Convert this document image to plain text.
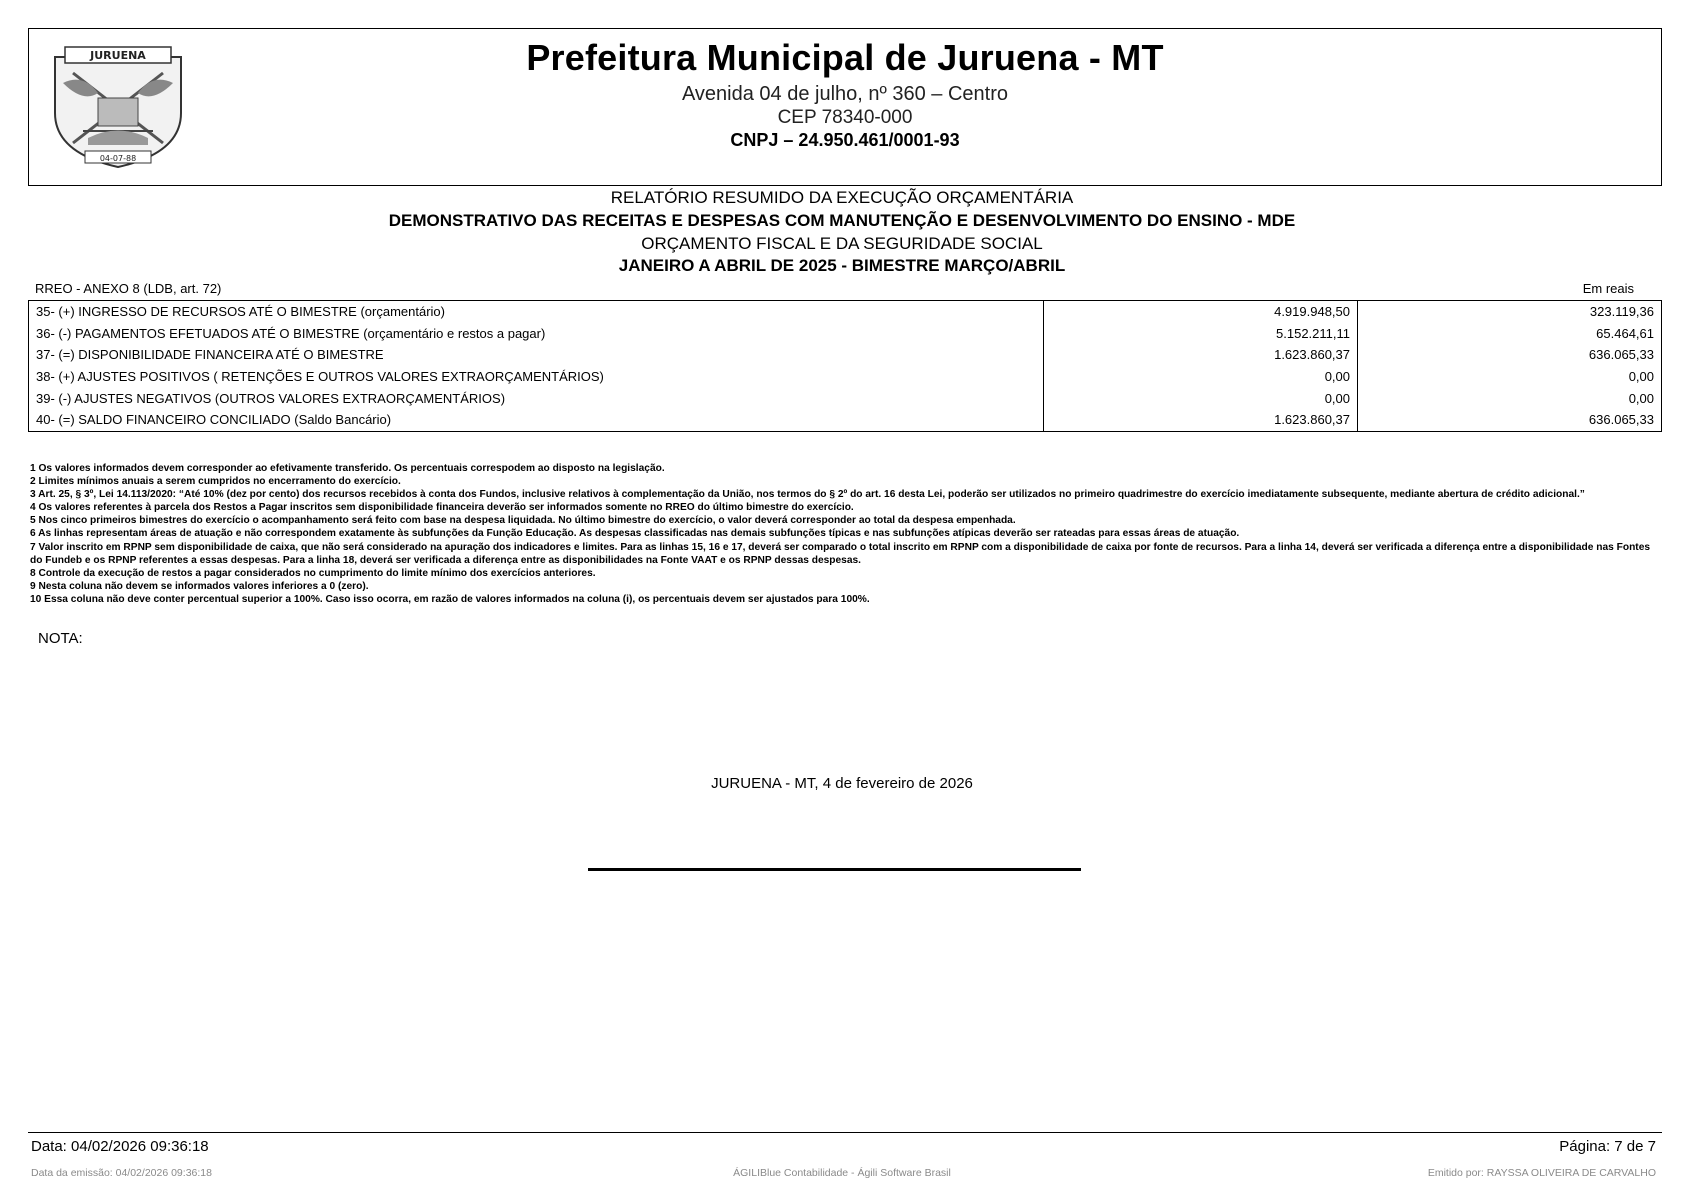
JURUENA
04-07-88
Prefeitura Municipal de Juruena - MT
Avenida 04 de julho, nº 360 – Centro
CEP 78340-000
CNPJ – 24.950.461/0001-93
RELATÓRIO RESUMIDO DA EXECUÇÃO ORÇAMENTÁRIA
DEMONSTRATIVO DAS RECEITAS E DESPESAS COM MANUTENÇÃO E DESENVOLVIMENTO DO ENSINO - MDE
ORÇAMENTO FISCAL E DA SEGURIDADE SOCIAL
JANEIRO A ABRIL DE 2025 - BIMESTRE MARÇO/ABRIL
RREO - ANEXO 8 (LDB, art. 72)	Em reais
35- (+) INGRESSO DE RECURSOS ATÉ O BIMESTRE (orçamentário)	4.919.948,50	323.119,36
36- (-) PAGAMENTOS EFETUADOS ATÉ O BIMESTRE (orçamentário e restos a pagar)	5.152.211,11	65.464,61
37- (=) DISPONIBILIDADE FINANCEIRA ATÉ O BIMESTRE	1.623.860,37	636.065,33
38- (+) AJUSTES POSITIVOS ( RETENÇÕES E OUTROS VALORES EXTRAORÇAMENTÁRIOS)	0,00	0,00
39- (-) AJUSTES NEGATIVOS (OUTROS VALORES EXTRAORÇAMENTÁRIOS)	0,00	0,00
40- (=) SALDO FINANCEIRO CONCILIADO (Saldo Bancário)	1.623.860,37	636.065,33
1 Os valores informados devem corresponder ao efetivamente transferido. Os percentuais correspodem ao disposto na legislação.
2 Limites mínimos anuais a serem cumpridos no encerramento do exercício.
3 Art. 25, § 3º, Lei 14.113/2020: “Até 10% (dez por cento) dos recursos recebidos à conta dos Fundos, inclusive relativos à complementação da União, nos termos do § 2º do art. 16 desta Lei, poderão ser utilizados no primeiro quadrimestre do exercício imediatamente subsequente, mediante abertura de crédito adicional.”
4 Os valores referentes à parcela dos Restos a Pagar inscritos sem disponibilidade financeira deverão ser informados somente no RREO do último bimestre do exercício.
5 Nos cinco primeiros bimestres do exercício o acompanhamento será feito com base na despesa liquidada. No último bimestre do exercício, o valor deverá corresponder ao total da despesa empenhada.
6 As linhas representam áreas de atuação e não correspondem exatamente às subfunções da Função Educação. As despesas classificadas nas demais subfunções típicas e nas subfunções atípicas deverão ser rateadas para essas áreas de atuação.
7 Valor inscrito em RPNP sem disponibilidade de caixa, que não será considerado na apuração dos indicadores e limites. Para as linhas 15, 16 e 17, deverá ser comparado o total inscrito em RPNP com a disponibilidade de caixa por fonte de recursos. Para a linha 14, deverá ser verificada a diferença entre a disponibilidade nas Fontes do Fundeb e os RPNP referentes a essas despesas. Para a linha 18, deverá ser verificada a diferença entre as disponibilidades na Fonte VAAT e os RPNP dessas despesas.
8 Controle da execução de restos a pagar considerados no cumprimento do limite mínimo dos exercícios anteriores.
9 Nesta coluna não devem se informados valores inferiores a 0 (zero).
10 Essa coluna não deve conter percentual superior a 100%. Caso isso ocorra, em razão de valores informados na coluna (i), os percentuais devem ser ajustados para 100%.
NOTA:
JURUENA - MT, 4 de fevereiro de 2026
Data: 04/02/2026 09:36:18	Página: 7 de 7
Data da emissão: 04/02/2026 09:36:18	ÁGILIBlue Contabilidade - Ágili Software Brasil	Emitido por: RAYSSA OLIVEIRA DE CARVALHO
